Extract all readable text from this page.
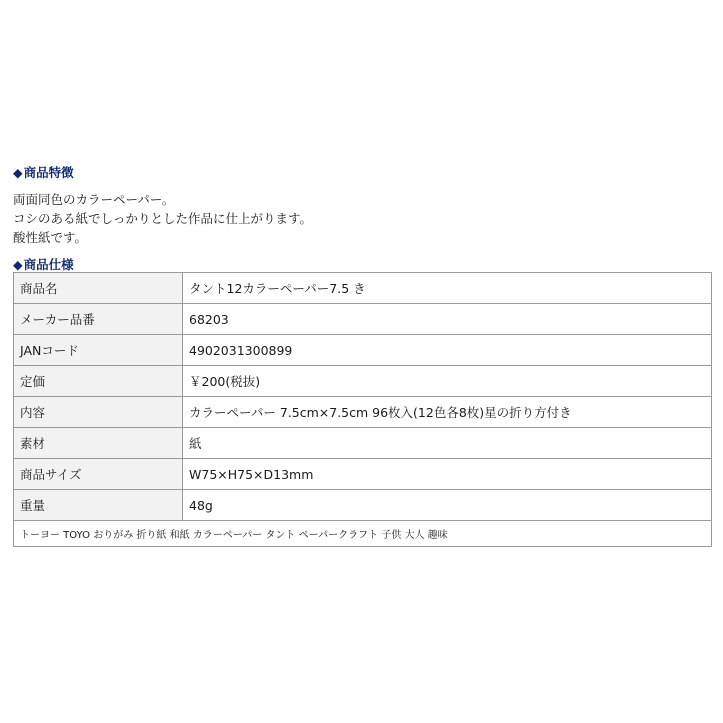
◆商品特徴
両面同色のカラーペーパー。
コシのある紙でしっかりとした作品に仕上がります。
酸性紙です。
◆商品仕様
商品名	タント12カラーペーパー7.5 き
メーカー品番	68203
JANコード	4902031300899
定価	￥200(税抜)
内容	カラーペーパー 7.5cm×7.5cm 96枚入(12色各8枚)星の折り方付き
素材	紙
商品サイズ	W75×H75×D13mm
重量	48g
トーヨー TOYO おりがみ 折り紙 和紙 カラーペーパー タント ペーパークラフト 子供 大人 趣味	
